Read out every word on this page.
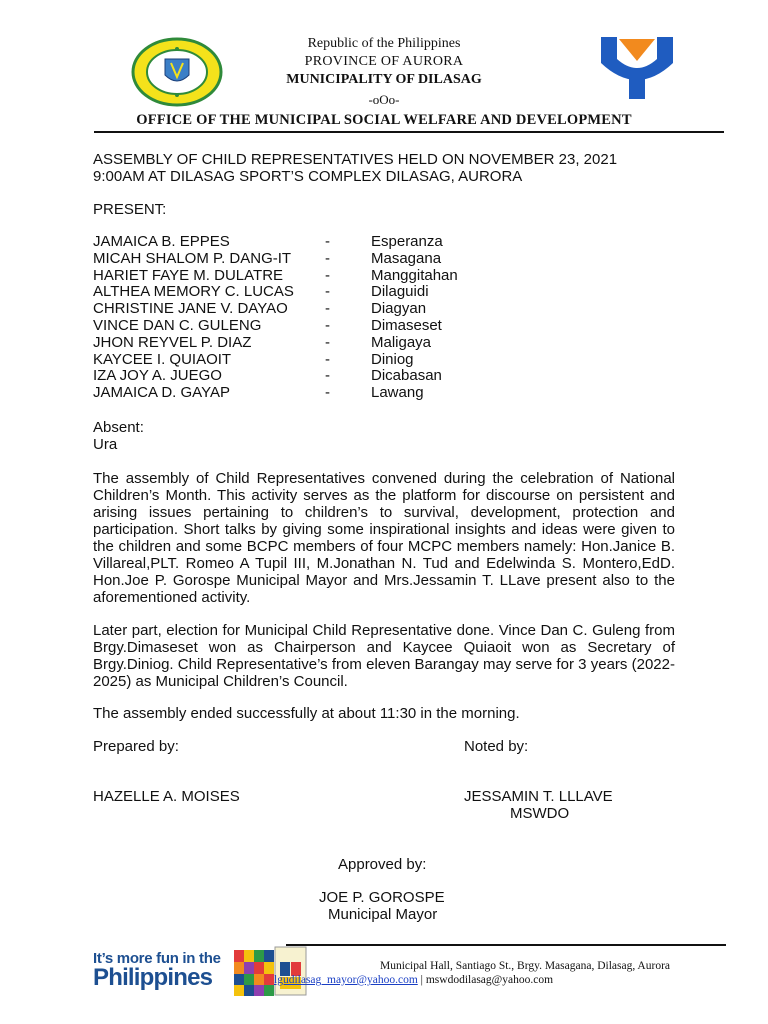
Republic of the Philippines
PROVINCE OF AURORA
MUNICIPALITY OF DILASAG
-oOo-
OFFICE OF THE MUNICIPAL SOCIAL WELFARE AND DEVELOPMENT
ASSEMBLY OF CHILD REPRESENTATIVES HELD ON NOVEMBER 23, 2021
9:00AM AT DILASAG SPORT’S COMPLEX DILASAG, AURORA
PRESENT:
JAMAICA B. EPPES	-	Esperanza
MICAH SHALOM P. DANG-IT -	Masagana
HARIET FAYE M. DULATRE	-	Manggitahan
ALTHEA MEMORY C. LUCAS -	Dilaguidi
CHRISTINE JANE V. DAYAO -	Diagyan
VINCE DAN C. GULENG	-	Dimaseset
JHON REYVEL P. DIAZ	-	Maligaya
KAYCEE I. QUIAOIT	-	Diniog
IZA JOY A. JUEGO	-	Dicabasan
JAMAICA D. GAYAP	-	Lawang
Absent:
Ura
The assembly of Child Representatives convened during the celebration of National Children’s Month. This activity serves as the platform for discourse on persistent and arising issues pertaining to children’s to survival, development, protection and participation. Short talks by giving some inspirational insights and ideas were given to the children and some BCPC members of four MCPC members namely: Hon.Janice B. Villareal,PLT. Romeo A Tupil III, M.Jonathan N. Tud and Edelwinda S. Montero,EdD. Hon.Joe P. Gorospe Municipal Mayor and Mrs.Jessamin T. LLave present also to the aforementioned activity.
Later part, election for Municipal Child Representative done. Vince Dan C. Guleng from Brgy.Dimaseset won as Chairperson and Kaycee Quiaoit won as Secretary of Brgy.Diniog. Child Representative’s from eleven Barangay may serve for 3 years (2022-2025) as Municipal Children’s Council.
The assembly ended successfully at about 11:30 in the morning.
Prepared by:	Noted by:
HAZELLE A. MOISES	JESSAMIN T. LLLAVE
MSWDO
Approved by:
JOE P. GOROSPE
Municipal Mayor
It’s more fun in the
Philippines	Municipal Hall, Santiago St., Brgy. Masagana, Dilasag, Aurora
lgudilasag_mayor@yahoo.com | mswdodilasag@yahoo.com
